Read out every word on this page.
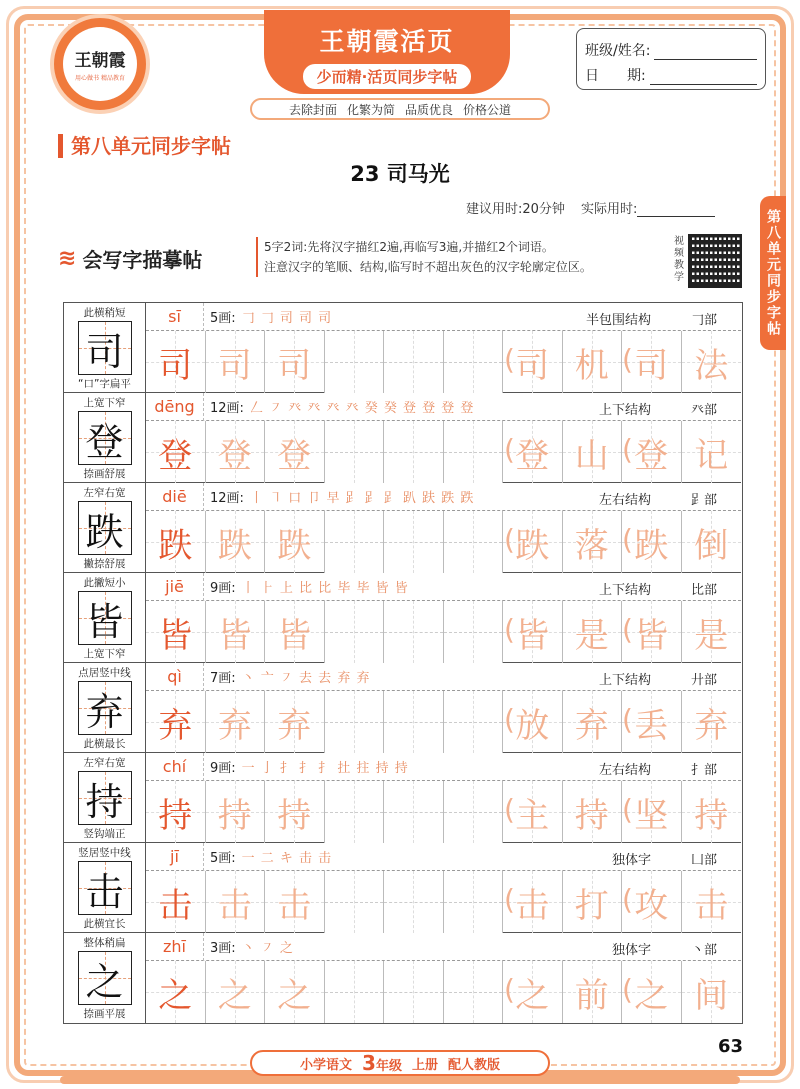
王朝霞
用心做书 精品教育
王朝霞活页
少而精·活页同步字帖
去除封面 化繁为简 品质优良 价格公道
班级/姓名:
日　　期:
第八单元同步字帖
第八单元同步字帖
23 司马光
建议用时:20分钟 实际用时:
≋ 会写字描摹帖
5字2词:先将汉字描红2遍,再临写3遍,并描红2个词语。
注意汉字的笔顺、结构,临写时不超出灰色的汉字轮廓定位区。
视频教学
此横稍短
司
“口”字扁平
sī	5画: 𠃌 𠃌 司 司 司	半包围结构	𠃌部
司 司 司	司 机 司 法
(	(
上宽下窄
登
捺画舒展
dēng	12画: 𠃋 ㇇ 癶 癶 癶 癶 癸 癸 登 登 登 登	上下结构	癶部
登 登 登	登 山 登 记
(	(
左窄右宽
跌
撇捺舒展
diē	12画: 丨 ㇕ 口 卩 早 𧾷 𧾷 𧾷 趴 趺 跌 跌	左右结构	𧾷部
跌 跌 跌	跌 落 跌 倒
(	(
此撇短小
皆
上宽下窄
jiē	9画: 丨 ⺊ 上 比 比 毕 毕 皆 皆	上下结构	比部
皆 皆 皆	皆 是 皆 是
(	(
点居竖中线
弃
此横最长
qì	7画: 丶 亠 ㇇ 去 去 弃 弃	上下结构	廾部
弃 弃 弃	放 弃 丢 弃
(	(
左窄右宽
持
竖钩端正
chí	9画: 一 亅 扌 扌 扌 扗 拄 持 持	左右结构	扌部
持 持 持	主 持 坚 持
(	(
竖居竖中线
击
此横宜长
jī	5画: 一 二 キ 击 击	独体字	凵部
击 击 击	击 打 攻 击
(	(
整体稍扁
之
捺画平展
zhī	3画: 丶 ㇇ 之	独体字	丶部
之 之 之	之 前 之 间
(	(
63
小学语文 3年级 上册 配人教版
